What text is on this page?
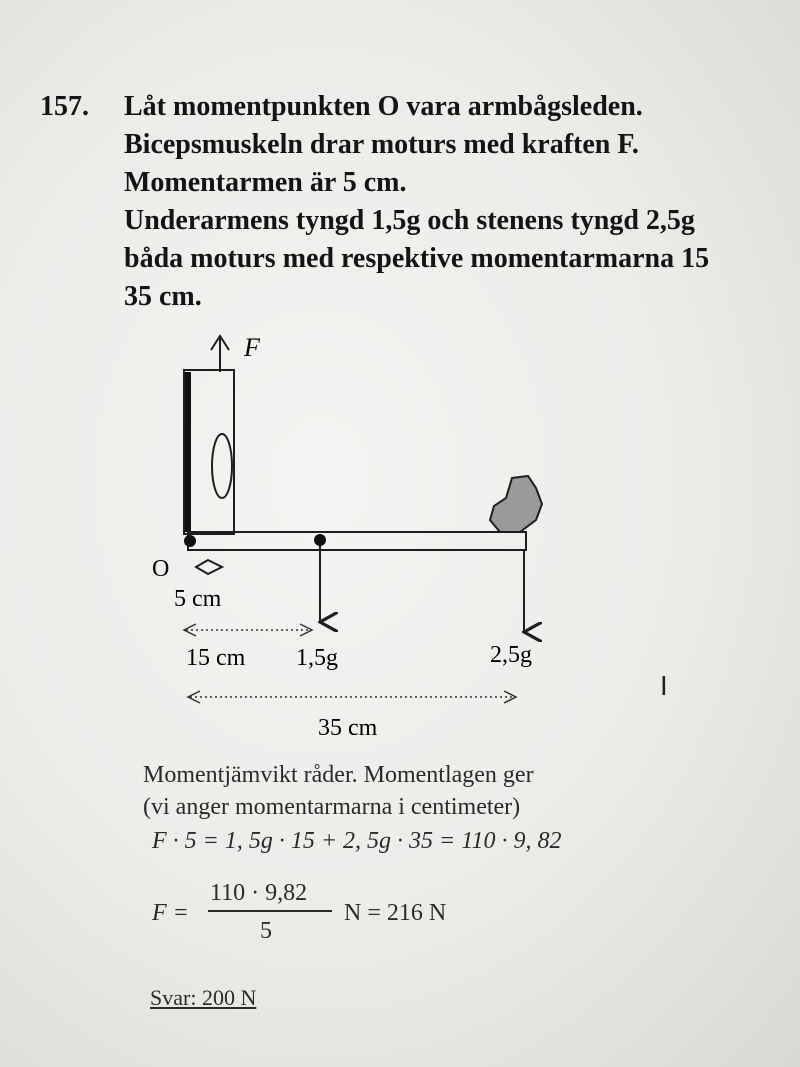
157. Låt momentpunkten O vara armbågsleden.
Bicepsmuskeln drar moturs med kraften F.
Momentarmen är 5 cm.
Underarmens tyngd 1,5g och stenens tyngd 2,5g
båda moturs med respektive momentarmarna 15
35 cm.
F
O
5 cm
15 cm 1,5g	2,5g
35 cm
Momentjämvikt råder. Momentlagen ger
(vi anger momentarmarna i centimeter)
F · 5 = 1, 5g · 15 + 2, 5g · 35 = 110 · 9, 82
F =
110 · 9,82
5
N = 216 N
Svar: 200 N
I
